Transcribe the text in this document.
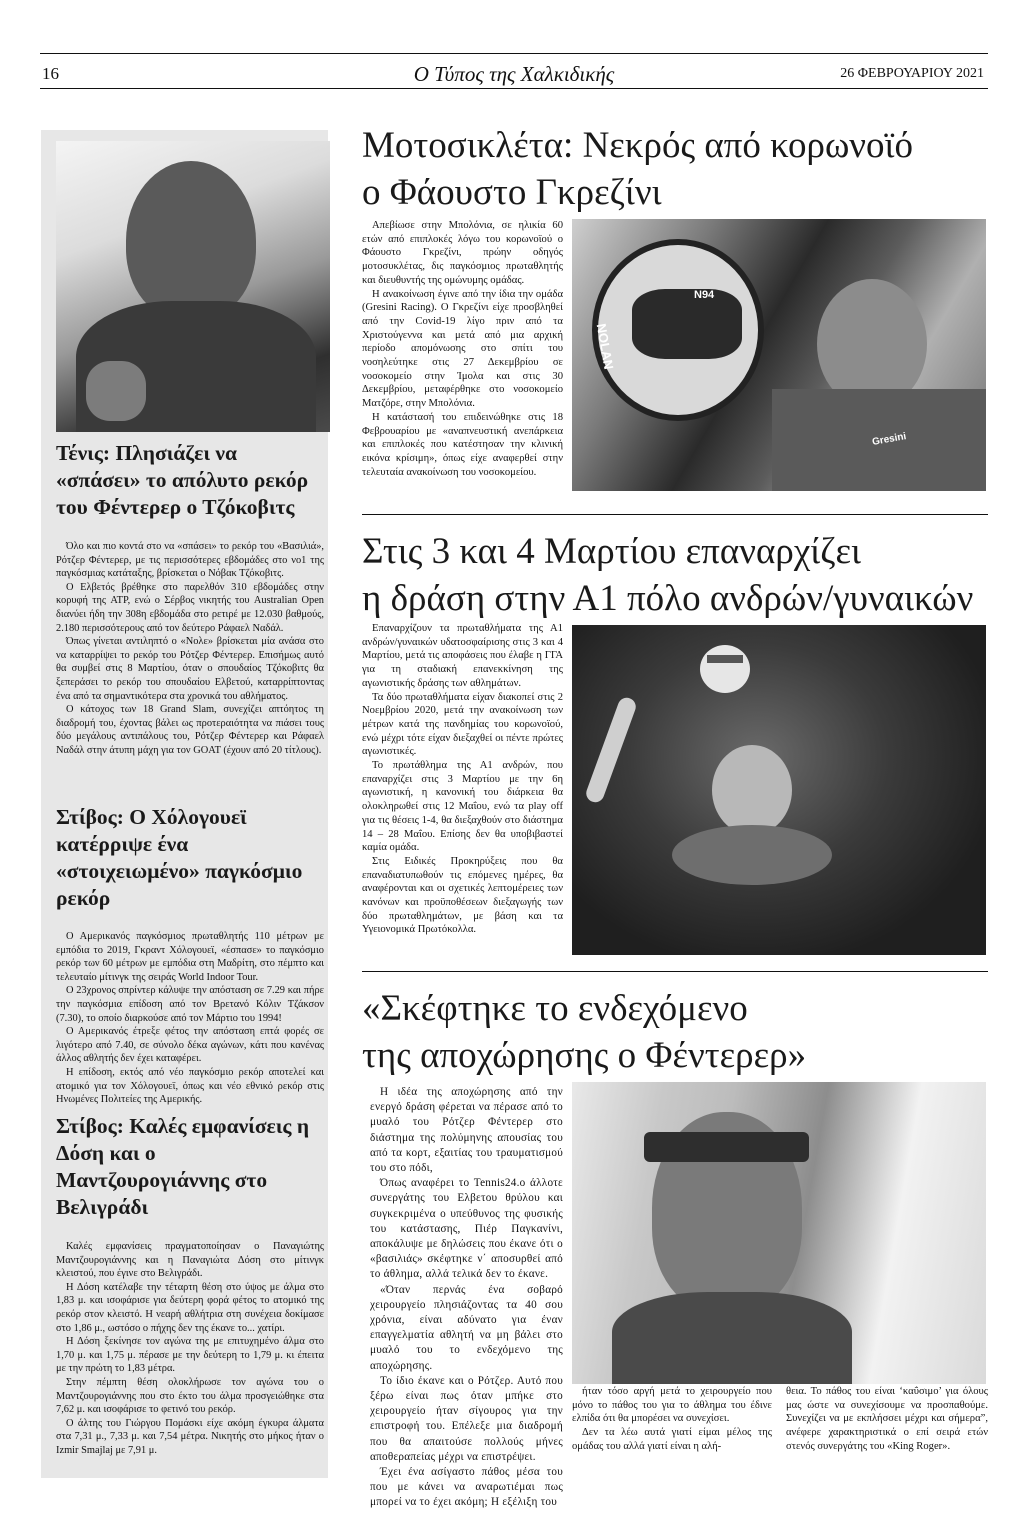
16	Ο Τύπος της Χαλκιδικής	26 ΦΕΒΡΟΥΑΡΙΟΥ 2021
Τένις: Πλησιάζει να «σπάσει» το απόλυτο ρεκόρ του Φέντερερ ο Τζόκοβιτς

Όλο και πιο κοντά στο να «σπάσει» το ρεκόρ του «Βασιλιά», Ρότζερ Φέντερερ, με τις περισσότερες εβδομάδες στο νο1 της παγκόσμιας κατάταξης, βρίσκεται ο Νόβακ Τζόκοβιτς.

Ο Ελβετός βρέθηκε στο παρελθόν 310 εβδομάδες στην κορυφή της ATP, ενώ ο Σέρβος νικητής του Australian Open διανύει ήδη την 308η εβδομάδα στο ρετιρέ με 12.030 βαθμούς, 2.180 περισσότερους από τον δεύτερο Ράφαελ Ναδάλ.

Όπως γίνεται αντιληπτό ο «Νολε» βρίσκεται μία ανάσα στο να καταρρίψει το ρεκόρ του Ρότζερ Φέντερερ. Επισήμως αυτό θα συμβεί στις 8 Μαρτίου, όταν ο σπουδαίος Τζόκοβιτς θα ξεπεράσει το ρεκόρ του σπουδαίου Ελβετού, καταρρίπτοντας ένα από τα σημαντικότερα στα χρονικά του αθλήματος.

Ο κάτοχος των 18 Grand Slam, συνεχίζει απτόητος τη διαδρομή του, έχοντας βάλει ως προτεραιότητα να πιάσει τους δύο μεγάλους αντιπάλους του, Ρότζερ Φέντερερ και Ράφαελ Ναδάλ στην άτυπη μάχη για τον GOAT (έχουν από 20 τίτλους).

Στίβος: Ο Χόλογουεϊ κατέρριψε ένα «στοιχειωμένο» παγκόσμιο ρεκόρ

Ο Αμερικανός παγκόσμιος πρωταθλητής 110 μέτρων με εμπόδια το 2019, Γκραντ Χόλογουεϊ, «έσπασε» το παγκόσμιο ρεκόρ των 60 μέτρων με εμπόδια στη Μαδρίτη, στο πέμπτο και τελευταίο μίτινγκ της σειράς World Indoor Tour.

Ο 23χρονος σπρίντερ κάλυψε την απόσταση σε 7.29 και πήρε την παγκόσμια επίδοση από τον Βρετανό Κόλιν Τζάκσον (7.30), το οποίο διαρκούσε από τον Μάρτιο του 1994!

Ο Αμερικανός έτρεξε φέτος την απόσταση επτά φορές σε λιγότερο από 7.40, σε σύνολο δέκα αγώνων, κάτι που κανένας άλλος αθλητής δεν έχει καταφέρει.

Η επίδοση, εκτός από νέο παγκόσμιο ρεκόρ αποτελεί και ατομικό για τον Χόλογουεϊ, όπως και νέο εθνικό ρεκόρ στις Ηνωμένες Πολιτείες της Αμερικής.

Στίβος: Καλές εμφανίσεις η Δόση και ο Μαντζουρογιάννης στο Βελιγράδι

Καλές εμφανίσεις πραγματοποίησαν ο Παναγιώτης Μαντζουρογιάννης και η Παναγιώτα Δόση στο μίτινγκ κλειστού, που έγινε στο Βελιγράδι.

Η Δόση κατέλαβε την τέταρτη θέση στο ύψος με άλμα στο 1,83 μ. και ισοφάρισε για δεύτερη φορά φέτος το ατομικό της ρεκόρ στον κλειστό. Η νεαρή αθλήτρια στη συνέχεια δοκίμασε στο 1,86 μ., ωστόσο ο πήχης δεν της έκανε το... χατίρι.

Η Δόση ξεκίνησε τον αγώνα της με επιτυχημένο άλμα στο 1,70 μ. και 1,75 μ. πέρασε με την δεύτερη το 1,79 μ. κι έπειτα με την πρώτη το 1,83 μέτρα.

Στην πέμπτη θέση ολοκλήρωσε τον αγώνα του ο Μαντζουρογιάννης που στο έκτο του άλμα προσγειώθηκε στα 7,62 μ. και ισοφάρισε το φετινό του ρεκόρ.

Ο άλτης του Γιώργου Πομάσκι είχε ακόμη έγκυρα άλματα στα 7,31 μ., 7,33 μ. και 7,54 μέτρα. Νικητής στο μήκος ήταν ο Izmir Smajlaj με 7,91 μ.

Μοτοσικλέτα: Νεκρός από κορωνοϊό
ο Φάουστο Γκρεζίνι

Απεβίωσε στην Μπολόνια, σε ηλικία 60 ετών από επιπλοκές λόγω του κορωνοϊού ο Φάουστο Γκρεζίνι, πρώην οδηγός μοτοσυκλέτας, δις παγκόσμιος πρωταθλητής και διευθυντής της ομώνυμης ομάδας.

Η ανακοίνωση έγινε από την ίδια την ομάδα (Gresini Racing). Ο Γκρεζίνι είχε προσβληθεί από την Covid-19 λίγο πριν από τα Χριστούγεννα και μετά από μια αρχική περίοδο απομόνωσης στο σπίτι του νοσηλεύτηκε στις 27 Δεκεμβρίου σε νοσοκομείο στην Ίμολα και στις 30 Δεκεμβρίου, μεταφέρθηκε στο νοσοκομείο Ματζόρε, στην Μπολόνια.

Η κατάστασή του επιδεινώθηκε στις 18 Φεβρουαρίου με «αναπνευστική ανεπάρκεια και επιπλοκές που κατέστησαν την κλινική εικόνα κρίσιμη», όπως είχε αναφερθεί στην τελευταία ανακοίνωση του νοσοκομείου.

N94
NOLAN
Gresini
Στις 3 και 4 Μαρτίου επαναρχίζει
η δράση στην Α1 πόλο ανδρών/γυναικών

Επαναρχίζουν τα πρωταθλήματα της Α1 ανδρών/γυναικών υδατοσφαίρισης στις 3 και 4 Μαρτίου, μετά τις αποφάσεις που έλαβε η ΓΓΑ για τη σταδιακή επανεκκίνηση της αγωνιστικής δράσης των αθλημάτων.

Τα δύο πρωταθλήματα είχαν διακοπεί στις 2 Νοεμβρίου 2020, μετά την ανακοίνωση των μέτρων κατά της πανδημίας του κορωνοϊού, ενώ μέχρι τότε είχαν διεξαχθεί οι πέντε πρώτες αγωνιστικές.

Το πρωτάθλημα της Α1 ανδρών, που επαναρχίζει στις 3 Μαρτίου με την 6η αγωνιστική, η κανονική του διάρκεια θα ολοκληρωθεί στις 12 Μαΐου, ενώ τα play off για τις θέσεις 1-4, θα διεξαχθούν στο διάστημα 14 – 28 Μαΐου. Επίσης δεν θα υποβιβαστεί καμία ομάδα.

Στις Ειδικές Προκηρύξεις που θα επαναδιατυπωθούν τις επόμενες ημέρες, θα αναφέρονται και οι σχετικές λεπτομέρειες των κανόνων και προϋποθέσεων διεξαγωγής των δύο πρωταθλημάτων, με βάση και τα Υγειονομικά Πρωτόκολλα.

«Σκέφτηκε το ενδεχόμενο
της αποχώρησης ο Φέντερερ»

Η ιδέα της αποχώρησης από την ενεργό δράση φέρεται να πέρασε από το μυαλό του Ρότζερ Φέντερερ στο διάστημα της πολύμηνης απουσίας του από τα κορτ, εξαιτίας του τραυματισμού του στο πόδι,

Όπως αναφέρει το Tennis24.o άλλοτε συνεργάτης του Ελβετου θρύλου και συγκεκριμένα ο υπεύθυνος της φυσικής του κατάστασης, Πιέρ Παγκανίνι, αποκάλυψε με δηλώσεις που έκανε ότι ο «βασιλιάς» σκέφτηκε ν΄ αποσυρθεί από το άθλημα, αλλά τελικά δεν το έκανε.

«Όταν περνάς ένα σοβαρό χειρουργείο πλησιάζοντας τα 40 σου χρόνια, είναι αδύνατο για έναν επαγγελματία αθλητή να μη βάλει στο μυαλό του το ενδεχόμενο της αποχώρησης.

Το ίδιο έκανε και ο Ρότζερ. Αυτό που ξέρω είναι πως όταν μπήκε στο χειρουργείο ήταν σίγουρος για την επιστροφή του. Επέλεξε μια διαδρομή που θα απαιτούσε πολλούς μήνες αποθεραπείας μέχρι να επιστρέψει.

Έχει ένα ασίγαστο πάθος μέσα του που με κάνει να αναρωτιέμαι πως μπορεί να το έχει ακόμη; Η εξέλιξη του

ήταν τόσο αργή μετά το χειρουργείο που μόνο το πάθος του για το άθλημα του έδινε ελπίδα ότι θα μπορέσει να συνεχίσει.

Δεν τα λέω αυτά γιατί είμαι μέλος της ομάδας του αλλά γιατί είναι η αλή-

θεια. Το πάθος του είναι ‘καΰσιμο’ για όλους μας ώστε να συνεχίσουμε να προσπαθούμε. Συνεχίζει να με εκπλήσσει μέχρι και σήμερα”, ανέφερε χαρακτηριστικά ο επί σειρά ετών στενός συνεργάτης του «King Roger».
